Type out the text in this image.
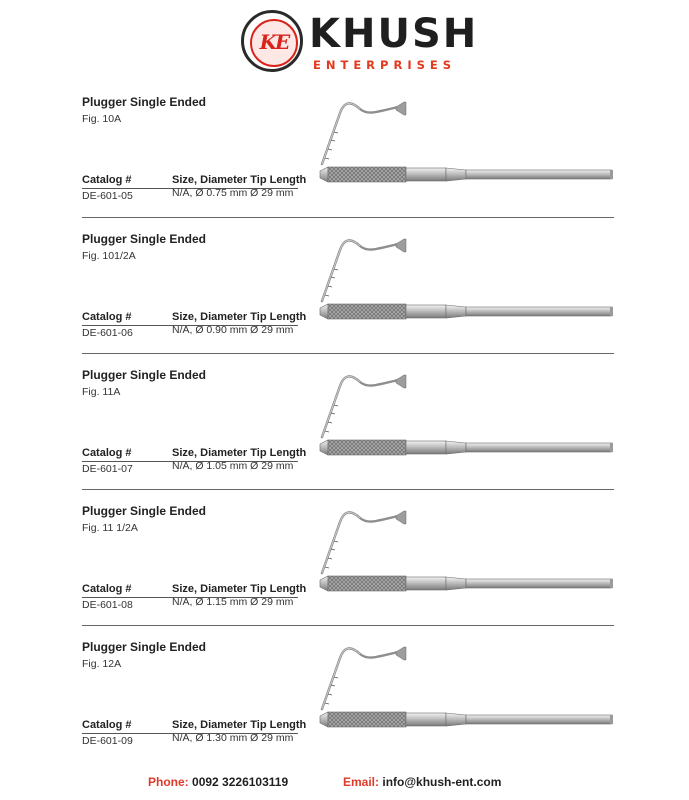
KE KHUSH
ENTERPRISES
Plugger Single Ended
Fig. 10A
Catalog #	Size, Diameter Tip Length
DE-601-05	N/A, Ø 0.75 mm Ø 29 mm
Plugger Single Ended
Fig. 101/2A
Catalog #	Size, Diameter Tip Length
DE-601-06	N/A, Ø 0.90 mm Ø 29 mm
Plugger Single Ended
Fig. 11A
Catalog #	Size, Diameter Tip Length
DE-601-07	N/A, Ø 1.05 mm Ø 29 mm
Plugger Single Ended
Fig. 11 1/2A
Catalog #	Size, Diameter Tip Length
DE-601-08	N/A, Ø 1.15 mm Ø 29 mm
Plugger Single Ended
Fig. 12A
Catalog #	Size, Diameter Tip Length
DE-601-09	N/A, Ø 1.30 mm Ø 29 mm
Phone: 0092 3226103119	Email: info@khush-ent.com
